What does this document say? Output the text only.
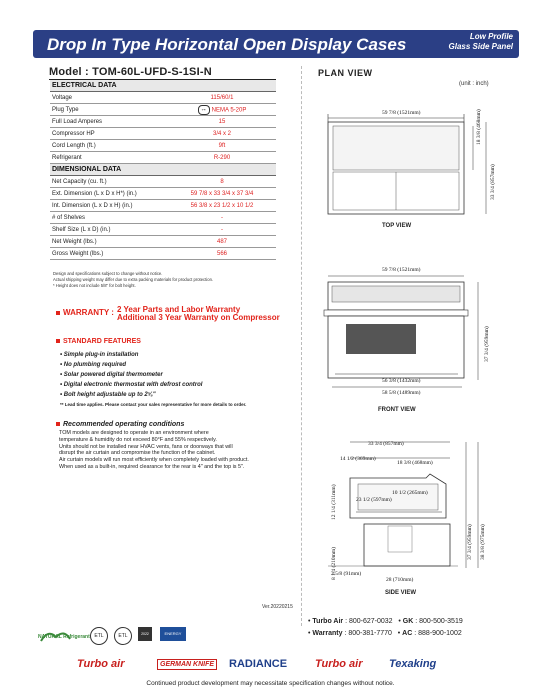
Drop In Type Horizontal Open Display Cases	Low Profile
Glass Side Panel
Model : TOM-60L-UFD-S-1SI-N
ELECTRICAL DATA	
Voltage	115/60/1
Plug Type	⊶ NEMA 5-20P
Full Load Amperes	15
Compressor HP	3/4 x 2
Cord Length (ft.)	9ft
Refrigerant	R-290
DIMENSIONAL DATA	
Net Capacity (cu. ft.)	8
Ext. Dimension (L x D x H*) (in.)	59 7/8 x 33 3/4 x 37 3/4
Int. Dimension (L x D x H) (in.)	56 3/8 x 23 1/2 x 10 1/2
# of Shelves	-
Shelf Size (L x D) (in.)	-
Net Weight (lbs.)	487
Gross Weight (lbs.)	566
Design and specifications subject to change without notice.
Actual shipping weight may differ due to extra packing materials for product protection.
* Height does not include 5/8" for bolt height.
WARRANTY : 2 Year Parts and Labor Warranty
Additional 3 Year Warranty on Compressor
STANDARD FEATURES
• Simple plug-in installation
• No plumbing required
• Solar powered digital thermometer
• Digital electronic thermostat with defrost control
• Bolt height adjustable up to 2⅝"
** Lead time applies. Please contact your sales representative for more details to order.
Recommended operating conditions
TOM models are designed to operate in an environment where
temperature & humidity do not exceed 80°F and 55% respectively.
Units should not be installed near HVAC vents, fans or doorways that will
disrupt the air curtain and compromise the function of the cabinet.
Air curtain models will run most efficiently when completely loaded with product.
When used as a built-in, required clearance for the rear is 4" and the top is 5".
PLAN VIEW
(unit : inch)
59 7/8 (1521mm)	18 3/8 (468mm)
33 3/4 (857mm)
TOP VIEW
59 7/8 (1521mm)
37 3/4 (959mm)
56 3/8 (1432mm)
58 5/8 (1489mm)
FRONT VIEW
33 3/4 (857mm)
14 1/2 (369mm)
18 3/8 (468mm)
12 1/4 (311mm)	10 1/2 (265mm)
23 1/2 (597mm)
37 3/4 (959mm) 38 3/8 (975mm)
8 1/4 (210mm)
3 5/8 (91mm)
28 (710mm)
SIDE VIEW
Ver.20220215
• Turbo Air : 800-627-0032   • GK : 800-500-3519
• Warranty : 800-381-7770   • AC : 888-900-1002
NATURAL Refrigerant ETL	ETL	2022 DOE
ENERGY
Turbo air	GERMAN KNIFE RADIANCE	Turbo air Texaking
Continued product development may necessitate specification changes without notice.
